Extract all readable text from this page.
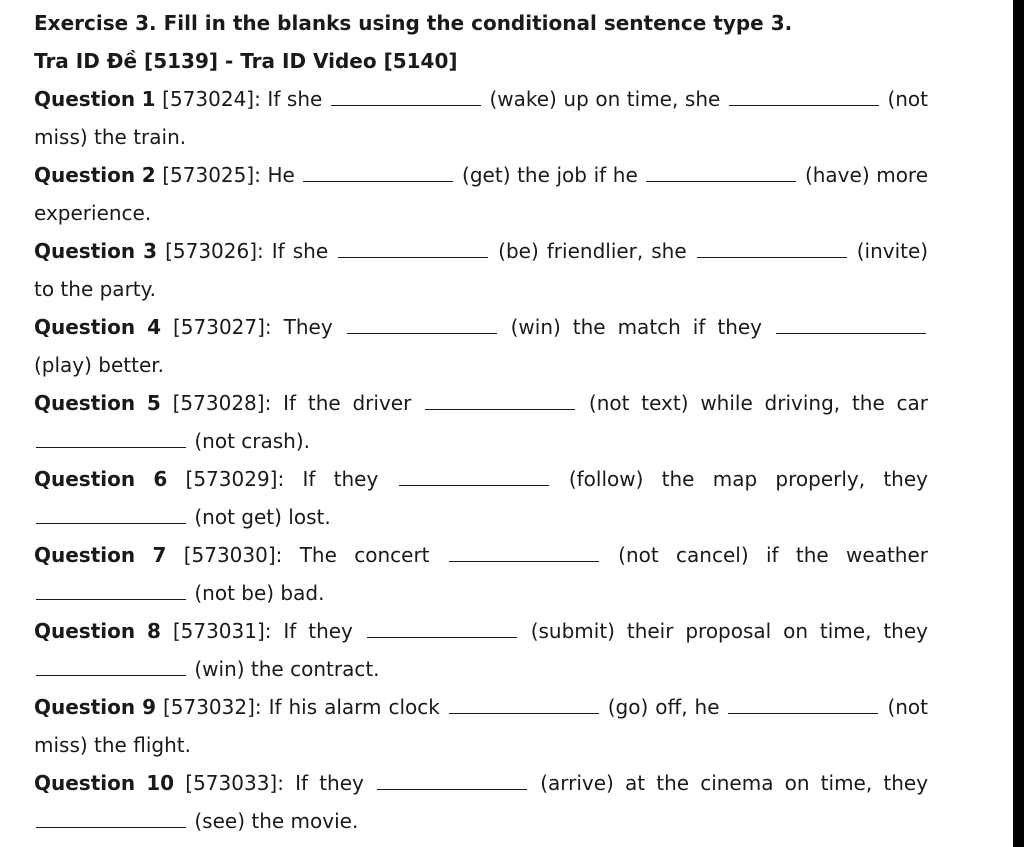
Exercise 3. Fill in the blanks using the conditional sentence type 3.
Tra ID Đề [5139] - Tra ID Video [5140]
Question 1 [573024]: If she	(wake) up on time, she	(not miss) the train.
Question 2 [573025]: He	(get) the job if he	(have) more experience.
Question 3 [573026]: If she	(be) friendlier, she	(invite) to the party.
Question 4 [573027]: They	(win) the match if they  (play) better.
Question 5 [573028]: If the driver	(not text) while driving, the car  (not crash).
Question 6 [573029]: If they	(follow) the map properly, they  (not get) lost.
Question 7 [573030]: The concert	(not cancel) if the weather  (not be) bad.
Question 8 [573031]: If they	(submit) their proposal on time, they  (win) the contract.
Question 9 [573032]: If his alarm clock	(go) off, he	(not miss) the flight.
Question 10 [573033]: If they	(arrive) at the cinema on time, they  (see) the movie.
